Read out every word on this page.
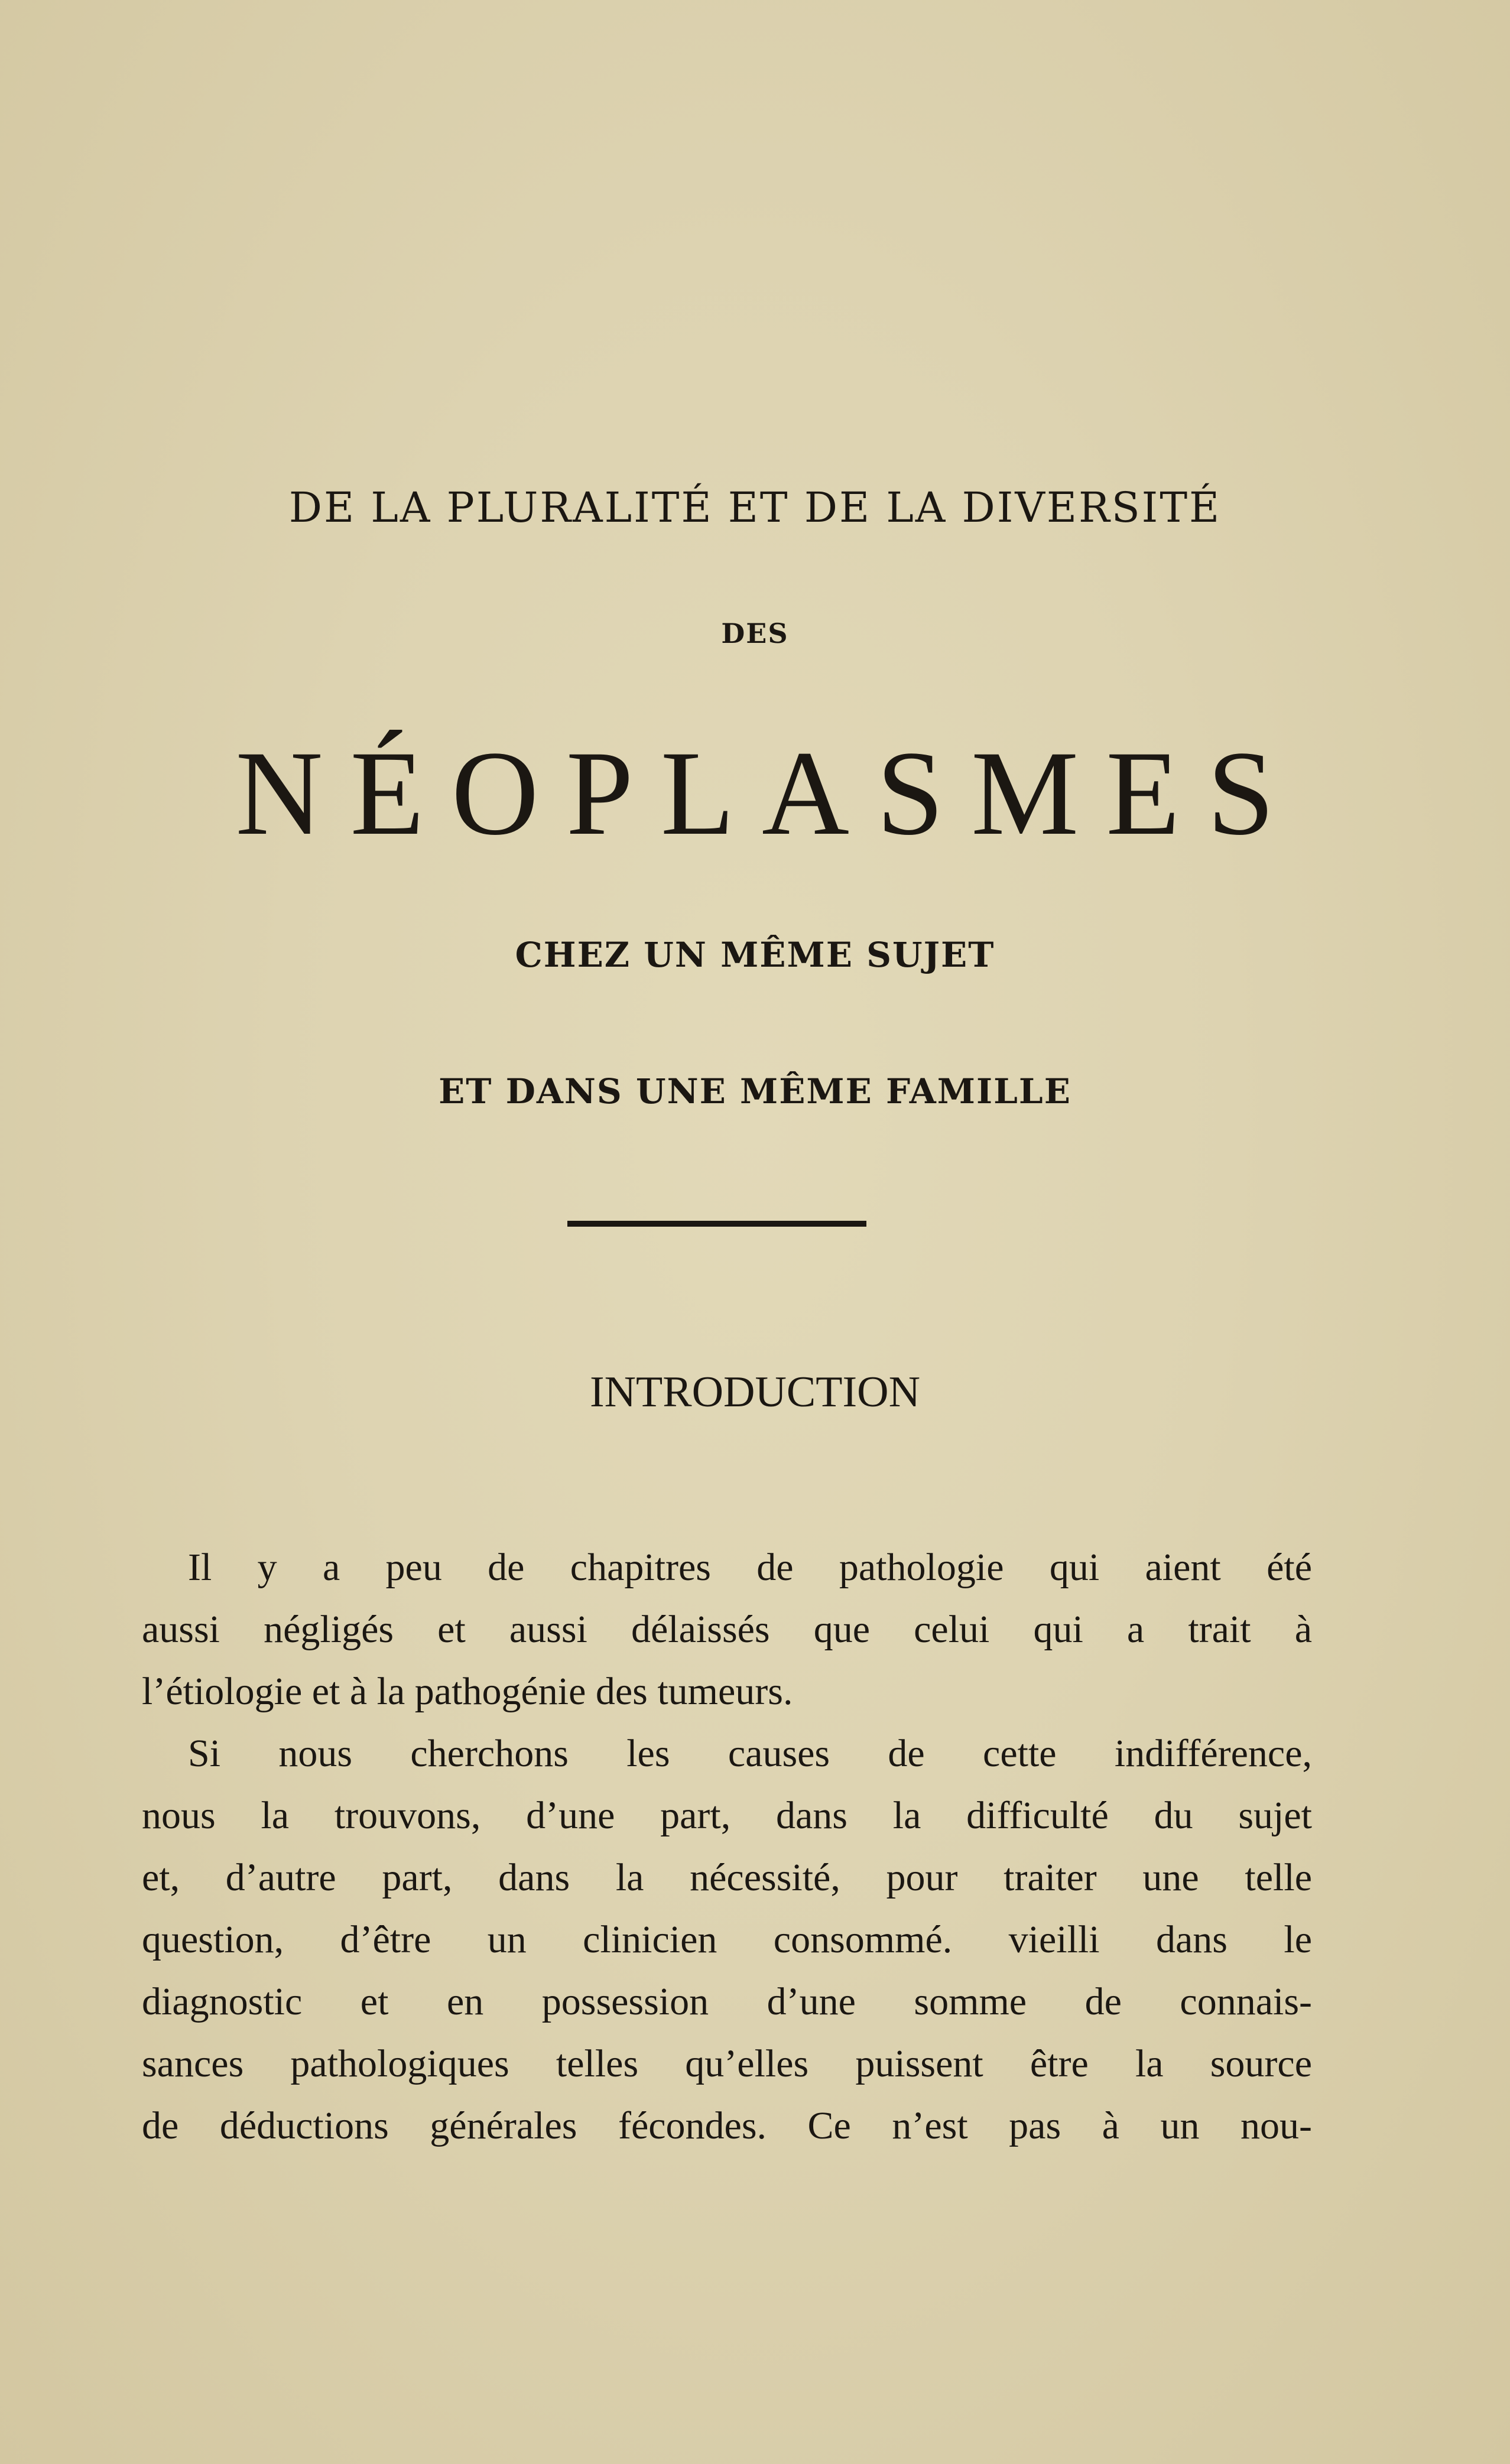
DE LA PLURALITÉ ET DE LA DIVERSITÉ
DES
NÉOPLASMES
CHEZ UN MÊME SUJET
ET DANS UNE MÊME FAMILLE
INTRODUCTION
Il y a peu de chapitres de pathologie qui aient été
aussi négligés et aussi délaissés que celui qui a trait à
l’étiologie et à la pathogénie des tumeurs.
Si nous cherchons les causes de cette indifférence,
nous la trouvons, d’une part, dans la difficulté du sujet
et, d’autre part, dans la nécessité, pour traiter une telle
question, d’être un clinicien consommé. vieilli dans le
diagnostic et en possession d’une somme de connais-
sances pathologiques telles qu’elles puissent être la source
de déductions générales fécondes. Ce n’est pas à un nou-
